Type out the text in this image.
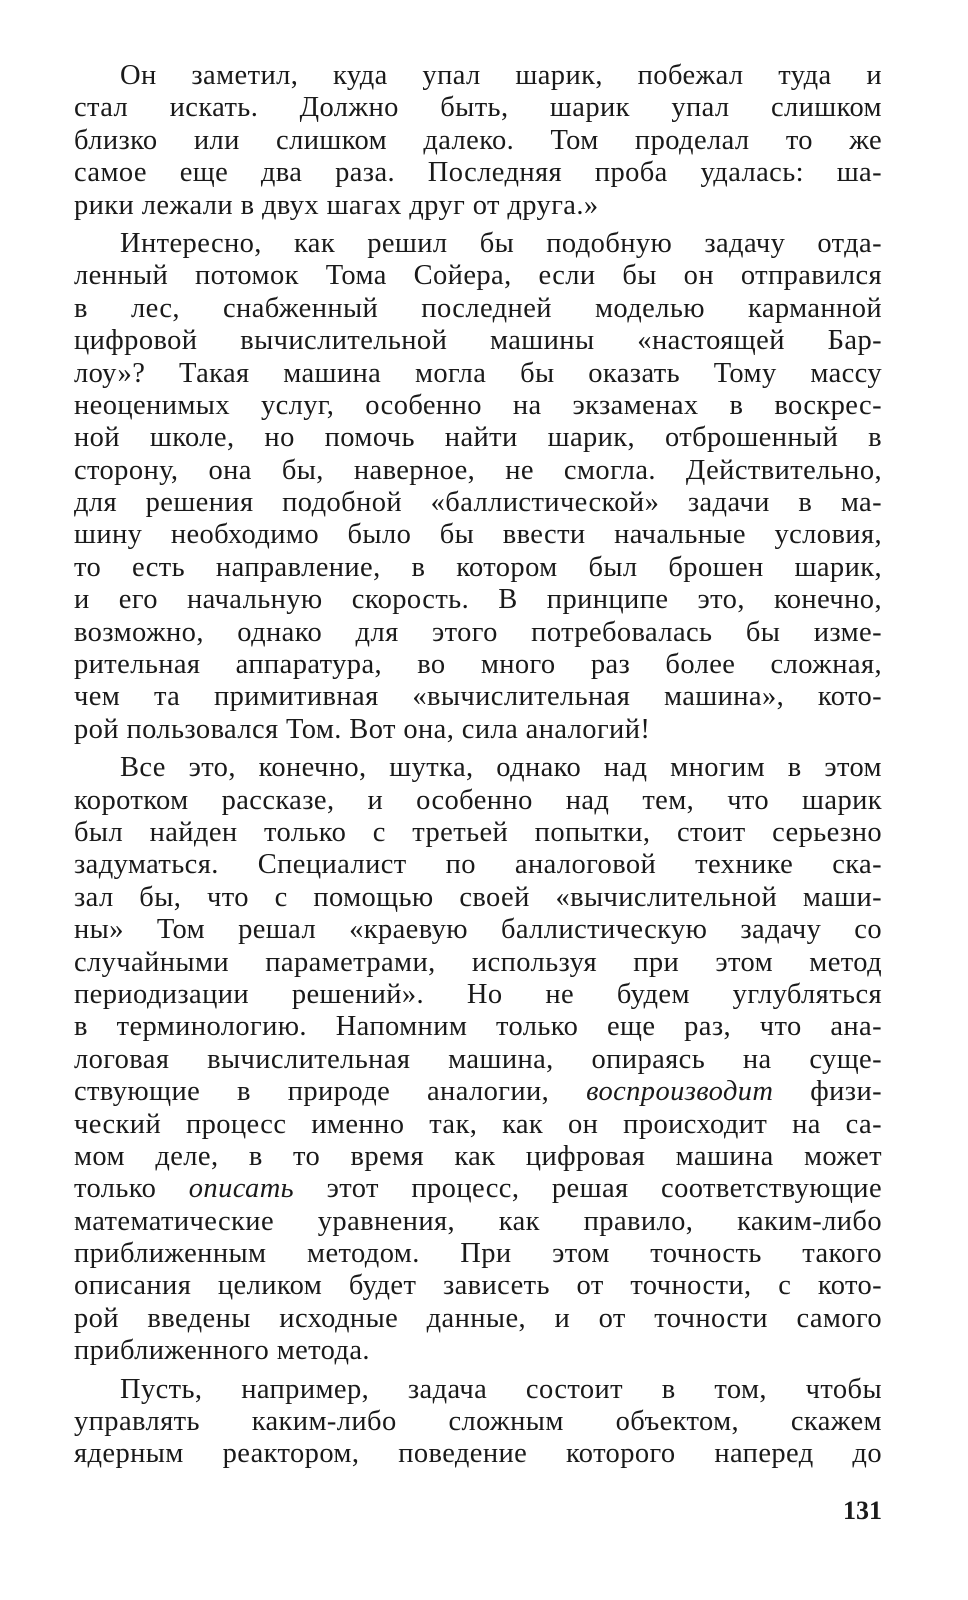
Он заметил, куда упал шарик, побежал туда и
стал искать. Должно быть, шарик упал слишком
близко или слишком далеко. Том проделал то же
самое еще два раза. Последняя проба удалась: ша-
рики лежали в двух шагах друг от друга.»
Интересно, как решил бы подобную задачу отда-
ленный потомок Тома Сойера, если бы он отправился
в лес, снабженный последней моделью карманной
цифровой вычислительной машины «настоящей Бар-
лоу»? Такая машина могла бы оказать Тому массу
неоценимых услуг, особенно на экзаменах в воскрес-
ной школе, но помочь найти шарик, отброшенный в
сторону, она бы, наверное, не смогла. Действительно,
для решения подобной «баллистической» задачи в ма-
шину необходимо было бы ввести начальные условия,
то есть направление, в котором был брошен шарик,
и его начальную скорость. В принципе это, конечно,
возможно, однако для этого потребовалась бы изме-
рительная аппаратура, во много раз более сложная,
чем та примитивная «вычислительная машина», кото-
рой пользовался Том. Вот она, сила аналогий!
Все это, конечно, шутка, однако над многим в этом
коротком рассказе, и особенно над тем, что шарик
был найден только с третьей попытки, стоит серьезно
задуматься. Специалист по аналоговой технике ска-
зал бы, что с помощью своей «вычислительной маши-
ны» Том решал «краевую баллистическую задачу со
случайными параметрами, используя при этом метод
периодизации решений». Но не будем углубляться
в терминологию. Напомним только еще раз, что ана-
логовая вычислительная машина, опираясь на суще-
ствующие в природе аналогии, воспроизводит физи-
ческий процесс именно так, как он происходит на са-
мом деле, в то время как цифровая машина может
только описать этот процесс, решая соответствующие
математические уравнения, как правило, каким-либо
приближенным методом. При этом точность такого
описания целиком будет зависеть от точности, с кото-
рой введены исходные данные, и от точности самого
приближенного метода.
Пусть, например, задача состоит в том, чтобы
управлять каким-либо сложным объектом, скажем
ядерным реактором, поведение которого наперед до
131
